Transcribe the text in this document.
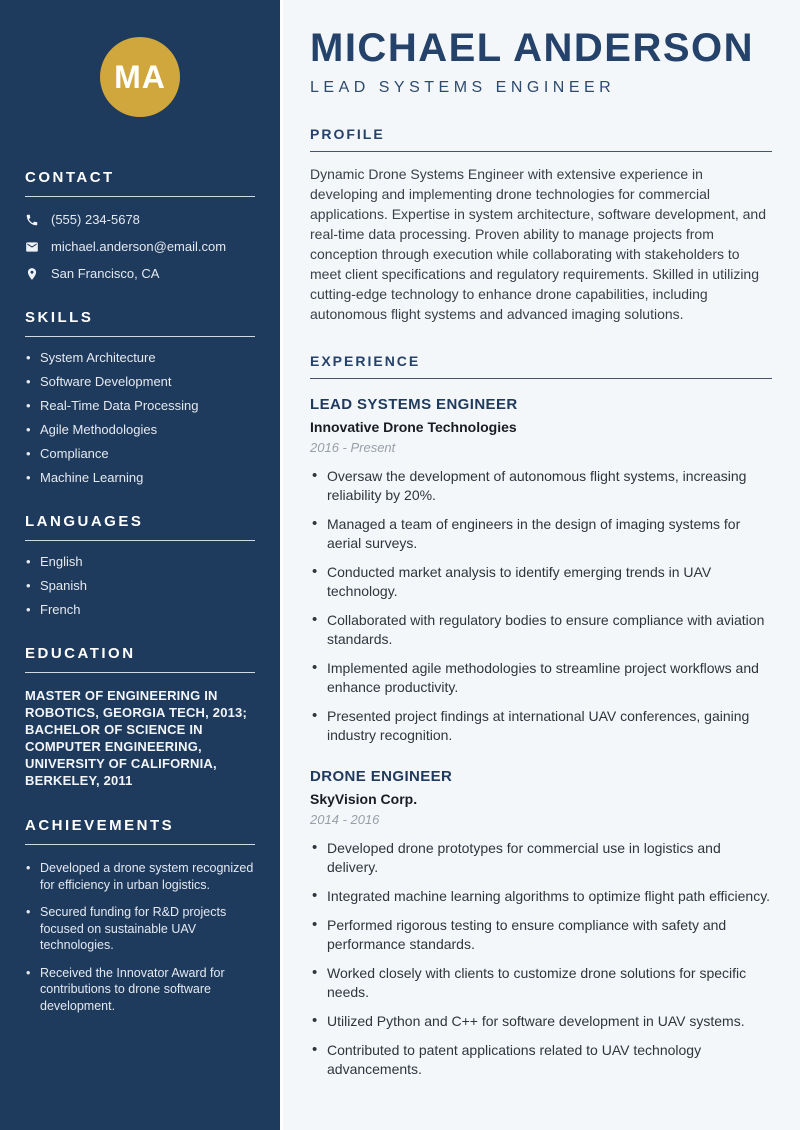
MA
CONTACT
(555) 234-5678
michael.anderson@email.com
San Francisco, CA
SKILLS
• System Architecture
• Software Development
• Real-Time Data Processing
• Agile Methodologies
• Compliance
• Machine Learning
LANGUAGES
• English
• Spanish
• French
EDUCATION

MASTER OF ENGINEERING IN ROBOTICS, GEORGIA TECH, 2013; BACHELOR OF SCIENCE IN COMPUTER ENGINEERING, UNIVERSITY OF CALIFORNIA, BERKELEY, 2011

ACHIEVEMENTS
• Developed a drone system recognized for efficiency in urban logistics.
• Secured funding for R&D projects focused on sustainable UAV technologies.
• Received the Innovator Award for contributions to drone software development.
MICHAEL ANDERSON
LEAD SYSTEMS ENGINEER
PROFILE

Dynamic Drone Systems Engineer with extensive experience in developing and implementing drone technologies for commercial applications. Expertise in system architecture, software development, and real-time data processing. Proven ability to manage projects from conception through execution while collaborating with stakeholders to meet client specifications and regulatory requirements. Skilled in utilizing cutting-edge technology to enhance drone capabilities, including autonomous flight systems and advanced imaging solutions.

EXPERIENCE
LEAD SYSTEMS ENGINEER
Innovative Drone Technologies
2016 - Present
• Oversaw the development of autonomous flight systems, increasing reliability by 20%.
• Managed a team of engineers in the design of imaging systems for aerial surveys.
• Conducted market analysis to identify emerging trends in UAV technology.
• Collaborated with regulatory bodies to ensure compliance with aviation standards.
• Implemented agile methodologies to streamline project workflows and enhance productivity.
• Presented project findings at international UAV conferences, gaining industry recognition.
DRONE ENGINEER
SkyVision Corp.
2014 - 2016
• Developed drone prototypes for commercial use in logistics and delivery.
• Integrated machine learning algorithms to optimize flight path efficiency.
• Performed rigorous testing to ensure compliance with safety and performance standards.
• Worked closely with clients to customize drone solutions for specific needs.
• Utilized Python and C++ for software development in UAV systems.
• Contributed to patent applications related to UAV technology advancements.
